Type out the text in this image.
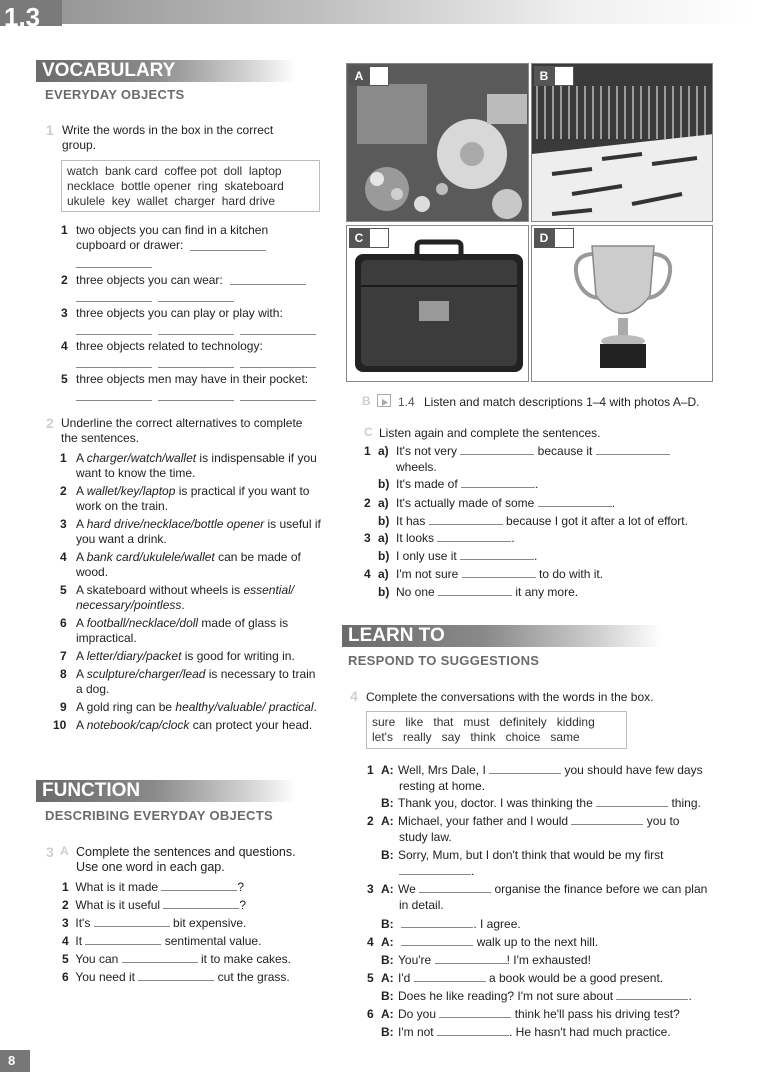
1.3
VOCABULARY
EVERYDAY OBJECTS
1 Write the words in the box in the correct group.
watch  bank card  coffee pot  doll  laptop
necklace  bottle opener  ring  skateboard
ukulele  key  wallet  charger  hard drive
1 two objects you can find in a kitchen cupboard or drawer:
2 three objects you can wear:
3 three objects you can play or play with:
4 three objects related to technology:
5 three objects men may have in their pocket:
2 Underline the correct alternatives to complete the sentences.
1 A charger/watch/wallet is indispensable if you want to know the time.
2 A wallet/key/laptop is practical if you want to work on the train.
3 A hard drive/necklace/bottle opener is useful if you want a drink.
4 A bank card/ukulele/wallet can be made of wood.
5 A skateboard without wheels is essential/ necessary/pointless.
6 A football/necklace/doll made of glass is impractical.
7 A letter/diary/packet is good for writing in.
8 A sculpture/charger/lead is necessary to train a dog.
9 A gold ring can be healthy/valuable/ practical.
10 A notebook/cap/clock can protect your head.
FUNCTION
DESCRIBING EVERYDAY OBJECTS
3 A Complete the sentences and questions. Use one word in each gap.
1 What is it made	?
2 What is it useful	?
3 It's	bit expensive.
4 It	sentimental value.
5 You can	it to make cakes.
6 You need it	cut the grass.
A	B
C	D
B 1.4 Listen and match descriptions 1–4 with photos A–D.
C Listen again and complete the sentences.
1 a) It's not very	because it
wheels.
b) It's made of	.
2 a) It's actually made of some	.
b) It has	because I got it after a lot of effort.
3 a) It looks	.
b) I only use it	.
4 a) I'm not sure	to do with it.
b) No one	it any more.
LEARN TO
RESPOND TO SUGGESTIONS
4 Complete the conversations with the words in the box.
sure   like   that   must   definitely   kidding
let's   really   say   think   choice   same
1 A: Well, Mrs Dale, I	you should have few days
resting at home.
B: Thank you, doctor. I was thinking the	thing.
2 A: Michael, your father and I would	you to
study law.
B: Sorry, Mum, but I don't think that would be my first
.
3 A: We	organise the finance before we can plan
in detail.
B:	. I agree.
4 A:	walk up to the next hill.
B: You're	! I'm exhausted!
5 A: I'd	a book would be a good present.
B: Does he like reading? I'm not sure about	.
6 A: Do you	think he'll pass his driving test?
B: I'm not	. He hasn't had much practice.
8
